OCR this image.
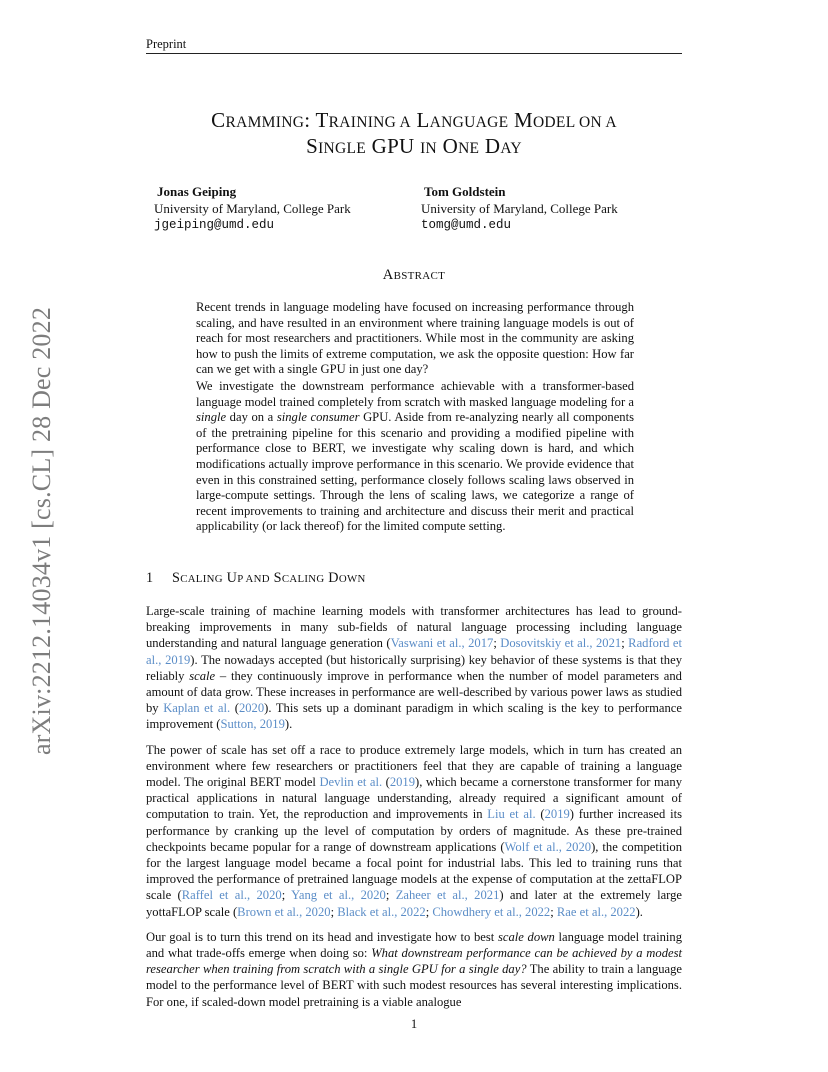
Preprint
arXiv:2212.14034v1 [cs.CL] 28 Dec 2022
CRAMMING: TRAINING A LANGUAGE MODEL ON A
SINGLE GPU IN ONE DAY
Jonas Geiping
University of Maryland, College Park
jgeiping@umd.edu
Tom Goldstein
University of Maryland, College Park
tomg@umd.edu
ABSTRACT

Recent trends in language modeling have focused on increasing performance through scaling, and have resulted in an environment where training language models is out of reach for most researchers and practitioners. While most in the community are asking how to push the limits of extreme computation, we ask the opposite question: How far can we get with a single GPU in just one day?

We investigate the downstream performance achievable with a transformer-based language model trained completely from scratch with masked language modeling for a single day on a single consumer GPU. Aside from re-analyzing nearly all components of the pretraining pipeline for this scenario and providing a modified pipeline with performance close to BERT, we investigate why scaling down is hard, and which modifications actually improve performance in this scenario. We provide evidence that even in this constrained setting, performance closely follows scaling laws observed in large-compute settings. Through the lens of scaling laws, we categorize a range of recent improvements to training and architecture and discuss their merit and practical applicability (or lack thereof) for the limited compute setting.

1 SCALING UP AND SCALING DOWN

Large-scale training of machine learning models with transformer architectures has lead to ground-breaking improvements in many sub-fields of natural language processing including language understanding and natural language generation (Vaswani et al., 2017; Dosovitskiy et al., 2021; Radford et al., 2019). The nowadays accepted (but historically surprising) key behavior of these systems is that they reliably scale – they continuously improve in performance when the number of model parameters and amount of data grow. These increases in performance are well-described by various power laws as studied by Kaplan et al. (2020). This sets up a dominant paradigm in which scaling is the key to performance improvement (Sutton, 2019).

The power of scale has set off a race to produce extremely large models, which in turn has created an environment where few researchers or practitioners feel that they are capable of training a language model. The original BERT model Devlin et al. (2019), which became a cornerstone transformer for many practical applications in natural language understanding, already required a significant amount of computation to train. Yet, the reproduction and improvements in Liu et al. (2019) further increased its performance by cranking up the level of computation by orders of magnitude. As these pre-trained checkpoints became popular for a range of downstream applications (Wolf et al., 2020), the competition for the largest language model became a focal point for industrial labs. This led to training runs that improved the performance of pretrained language models at the expense of computation at the zettaFLOP scale (Raffel et al., 2020; Yang et al., 2020; Zaheer et al., 2021) and later at the extremely large yottaFLOP scale (Brown et al., 2020; Black et al., 2022; Chowdhery et al., 2022; Rae et al., 2022).

Our goal is to turn this trend on its head and investigate how to best scale down language model training and what trade-offs emerge when doing so: What downstream performance can be achieved by a modest researcher when training from scratch with a single GPU for a single day? The ability to train a language model to the performance level of BERT with such modest resources has several interesting implications. For one, if scaled-down model pretraining is a viable analogue

1
